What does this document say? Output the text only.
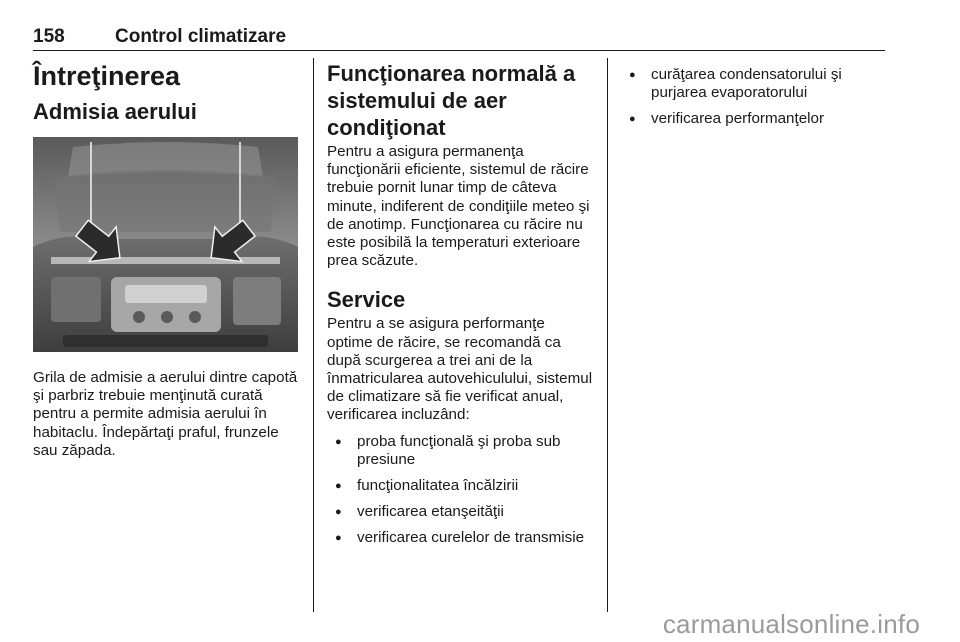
158	Control climatizare
Întreţinerea
Admisia aerului

Grila de admisie a aerului dintre capotă şi parbriz trebuie menţinută curată pentru a permite admisia aerului în habitaclu. Îndepărtaţi praful, frunzele sau zăpada.

Funcţionarea normală a sistemului de aer condiţionat

Pentru a asigura permanenţa funcţionării eficiente, sistemul de răcire trebuie pornit lunar timp de câteva minute, indiferent de condiţiile meteo şi de anotimp. Funcţionarea cu răcire nu este posibilă la temperaturi exterioare prea scăzute.

Service

Pentru a se asigura performanţe optime de răcire, se recomandă ca după scurgerea a trei ani de la înmatricularea autovehiculului, sistemul de climatizare să fie verificat anual, verificarea incluzând:

● proba funcţională şi proba sub presiune
● funcţionalitatea încălzirii
● verificarea etanşeităţii
● verificarea curelelor de transmisie
● curăţarea condensatorului şi purjarea evaporatorului
● verificarea performanţelor
carmanualsonline.info
